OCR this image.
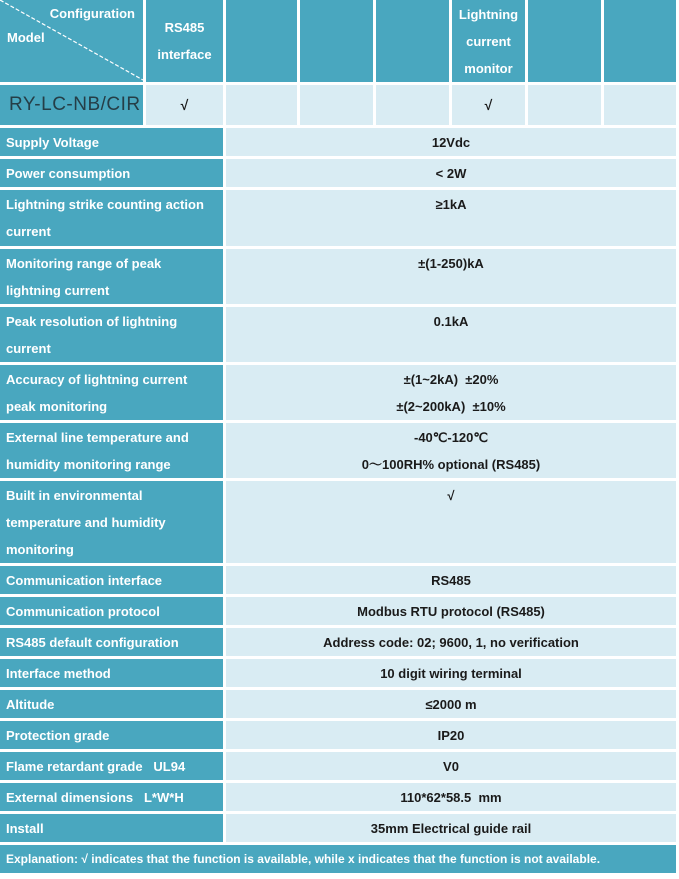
Configuration
Model	RS485 interface				Lightning current monitor		
RY-LC-NB/CIR	√				√		
Supply Voltage		12Vdc					

Power consumption		< 2W					

Lightning strike counting action current		≥1kA					

Monitoring range of peak lightning current		±(1-250)kA					

Peak resolution of lightning current		0.1kA					

Accuracy of lightning current peak monitoring		±(1~2kA)  ±20%
±(2~200kA)  ±10%					

External line temperature and humidity monitoring range		-40℃-120℃
0～100RH% optional (RS485)					

Built in environmental temperature and humidity monitoring		√					

Communication interface		RS485					

Communication protocol		Modbus RTU protocol (RS485)					

RS485 default configuration		Address code: 02; 9600, 1, no verification					

Interface method		10 digit wiring terminal					

Altitude		≤2000 m					

Protection grade		IP20					

Flame retardant grade   UL94		V0					

External dimensions   L*W*H		110*62*58.5  mm					

Install		35mm Electrical guide rail					

Explanation: √ indicates that the function is available, while x indicates that the function is not available.							
